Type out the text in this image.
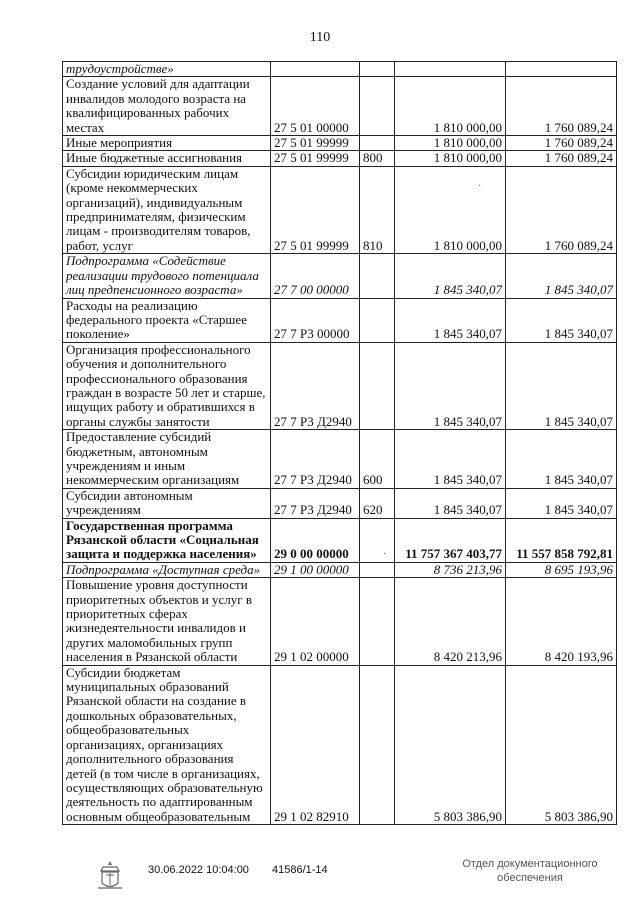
110
трудоустройстве»				
Создание условий для адаптации инвалидов молодого возраста на квалифицированных рабочих местах	27 5 01 00000		1 810 000,00	1 760 089,24
Иные мероприятия	27 5 01 99999		1 810 000,00	1 760 089,24
Иные бюджетные ассигнования	27 5 01 99999	800	1 810 000,00	1 760 089,24
Субсидии юридическим лицам (кроме некоммерческих организаций), индивидуальным предпринимателям, физическим лицам - производителям товаров, работ, услуг	27 5 01 99999	810	1 810 000,00	1 760 089,24
Подпрограмма «Содействие реализации трудового потенциала лиц предпенсионного возраста»	27 7 00 00000		1 845 340,07	1 845 340,07
Расходы на реализацию федерального проекта «Старшее поколение»	27 7 P3 00000		1 845 340,07	1 845 340,07
Организация профессионального обучения и дополнительного профессионального образования граждан в возрасте 50 лет и старше, ищущих работу и обратившихся в органы службы занятости	27 7 P3 Д2940		1 845 340,07	1 845 340,07
Предоставление субсидий бюджетным, автономным учреждениям и иным некоммерческим организациям	27 7 P3 Д2940	600	1 845 340,07	1 845 340,07
Субсидии автономным учреждениям	27 7 P3 Д2940	620	1 845 340,07	1 845 340,07
Государственная программа Рязанской области «Социальная защита и поддержка населения»	29 0 00 00000		11 757 367 403,77	11 557 858 792,81
Подпрограмма «Доступная среда»	29 1 00 00000		8 736 213,96	8 695 193,96
Повышение уровня доступности приоритетных объектов и услуг в приоритетных сферах жизнедеятельности инвалидов и других маломобильных групп населения в Рязанской области	29 1 02 00000		8 420 213,96	8 420 193,96
Субсидии бюджетам муниципальных образований Рязанской области на создание в дошкольных образовательных, общеобразовательных организациях, организациях дополнительного образования детей (в том числе в организациях, осуществляющих образовательную деятельность по адаптированным основным общеобразовательным	29 1 02 82910		5 803 386,90	5 803 386,90
·
·
30.06.2022 10:04:00 41586/1-14	Отдел документационного
обеспечения
